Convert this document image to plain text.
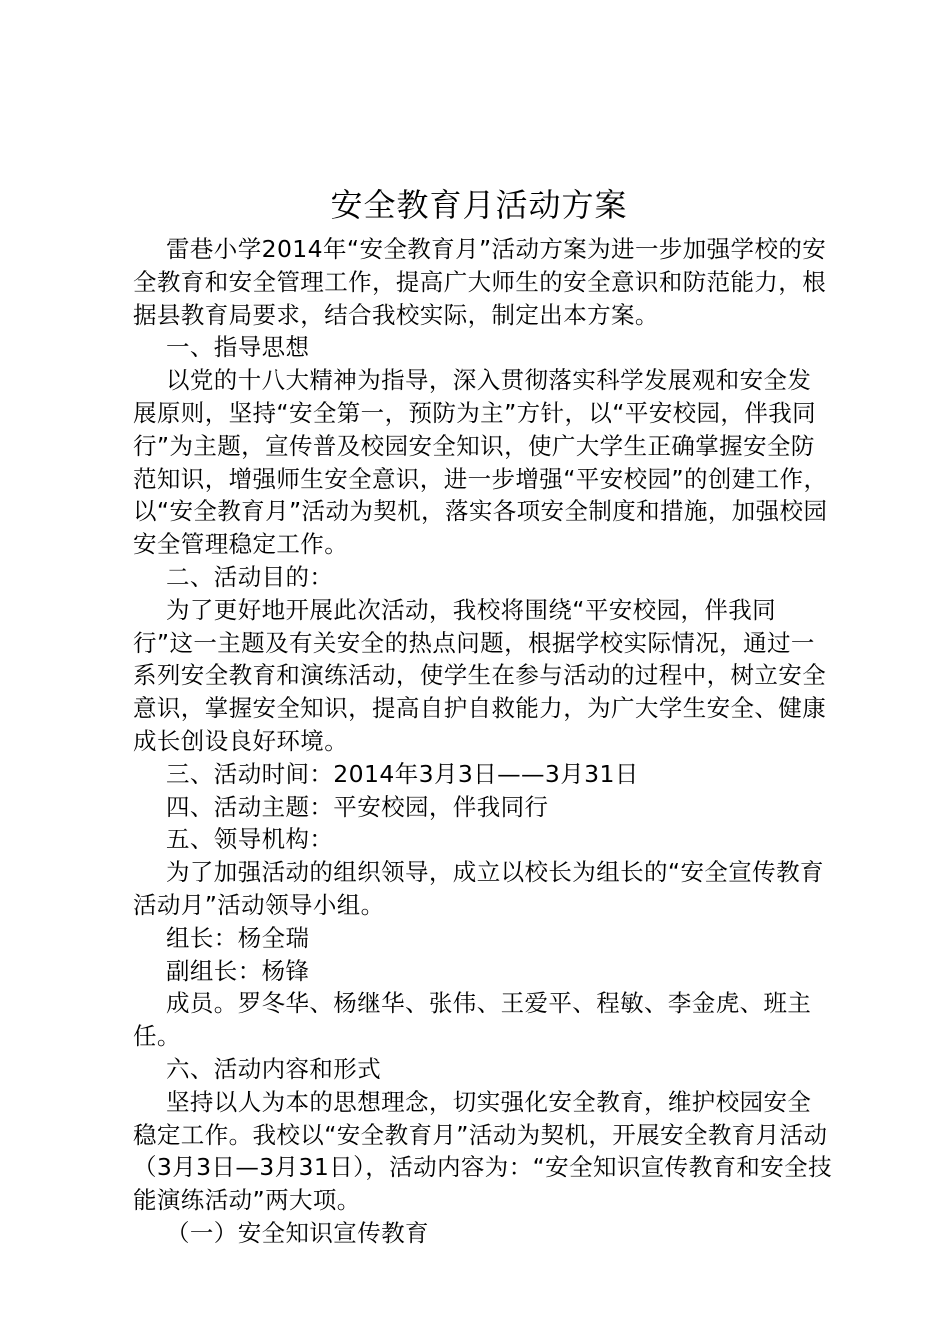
安全教育月活动方案

雷巷小学2014年“安全教育月”活动方案为进一步加强学校的安全教育和安全管理工作，提高广大师生的安全意识和防范能力，根据县教育局要求，结合我校实际，制定出本方案。

一、指导思想

以党的十八大精神为指导，深入贯彻落实科学发展观和安全发展原则，坚持“安全第一，预防为主”方针，以“平安校园，伴我同行”为主题，宣传普及校园安全知识，使广大学生正确掌握安全防范知识，增强师生安全意识，进一步增强“平安校园”的创建工作，以“安全教育月”活动为契机，落实各项安全制度和措施，加强校园安全管理稳定工作。

二、活动目的：

为了更好地开展此次活动，我校将围绕“平安校园，伴我同行”这一主题及有关安全的热点问题，根据学校实际情况，通过一系列安全教育和演练活动，使学生在参与活动的过程中，树立安全意识，掌握安全知识，提高自护自救能力，为广大学生安全、健康成长创设良好环境。

三、活动时间：2014年3月3日——3月31日

四、活动主题：平安校园，伴我同行

五、领导机构：

为了加强活动的组织领导，成立以校长为组长的“安全宣传教育活动月”活动领导小组。

组长：杨全瑞

副组长：杨锋

成员。罗冬华、杨继华、张伟、王爱平、程敏、李金虎、班主任。

六、活动内容和形式

坚持以人为本的思想理念，切实强化安全教育，维护校园安全稳定工作。我校以“安全教育月”活动为契机，开展安全教育月活动（3月3日—3月31日），活动内容为：“安全知识宣传教育和安全技能演练活动”两大项。

（一）安全知识宣传教育
